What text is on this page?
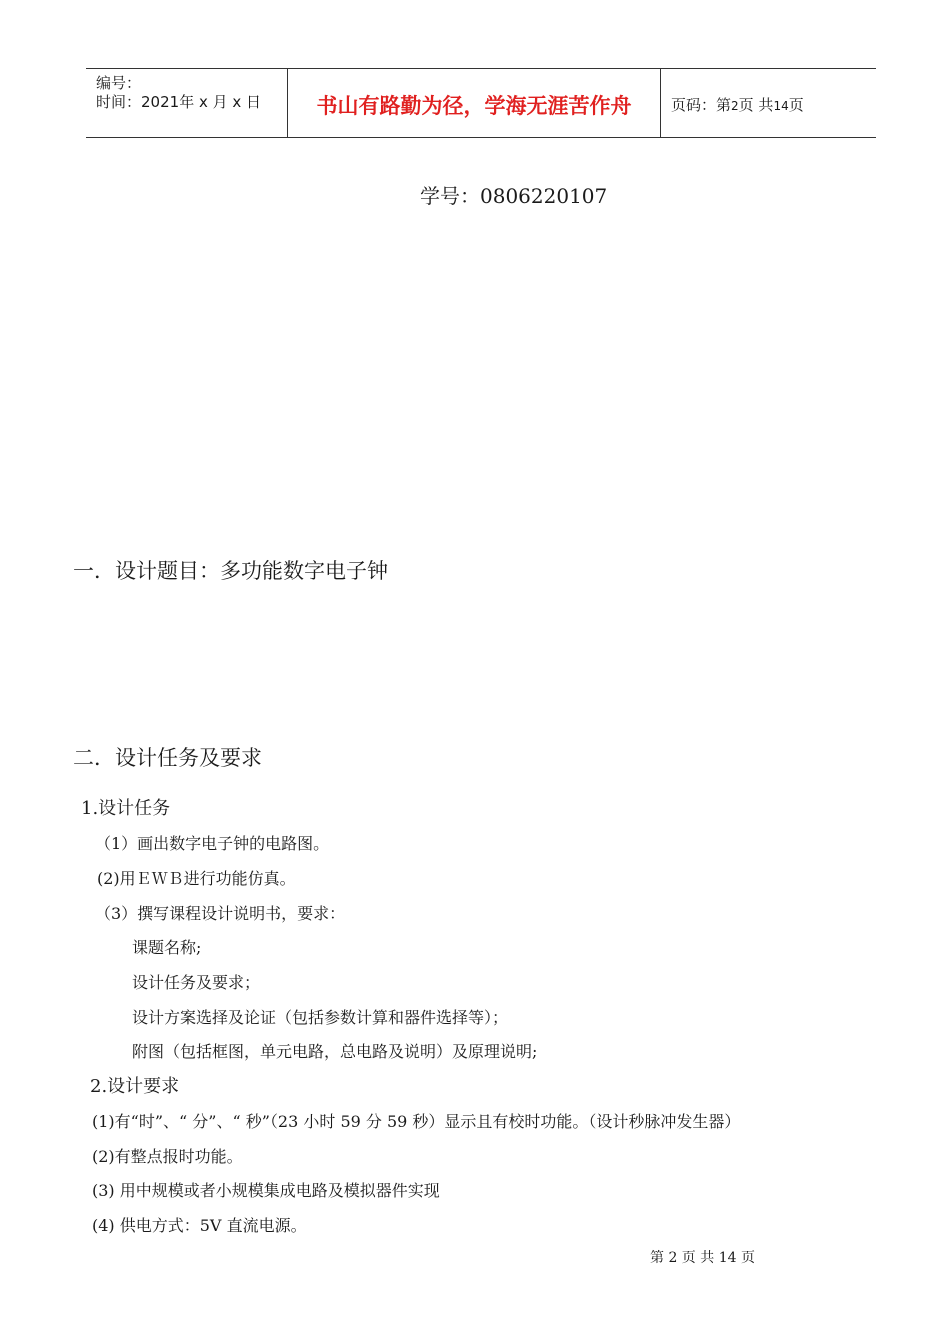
编号：
时间：2021年 x 月 x 日	书山有路勤为径，学海无涯苦作舟	页码：第2页 共14页
学号：0806220107
一．设计题目：多功能数字电子钟
二．设计任务及要求
1.设计任务
（1）画出数字电子钟的电路图。
(2)用ＥＷＢ进行功能仿真。
（3）撰写课程设计说明书，要求：
课题名称;
设计任务及要求；
设计方案选择及论证（包括参数计算和器件选择等）；
附图（包括框图，单元电路，总电路及说明）及原理说明;
2.设计要求
(1)有“时”、“ 分”、“ 秒”（23 小时 59 分 59 秒）显示且有校时功能。（设计秒脉冲发生器）
(2)有整点报时功能。
(3) 用中规模或者小规模集成电路及模拟器件实现
(4) 供电方式：5V 直流电源。
第 2 页 共 14 页
